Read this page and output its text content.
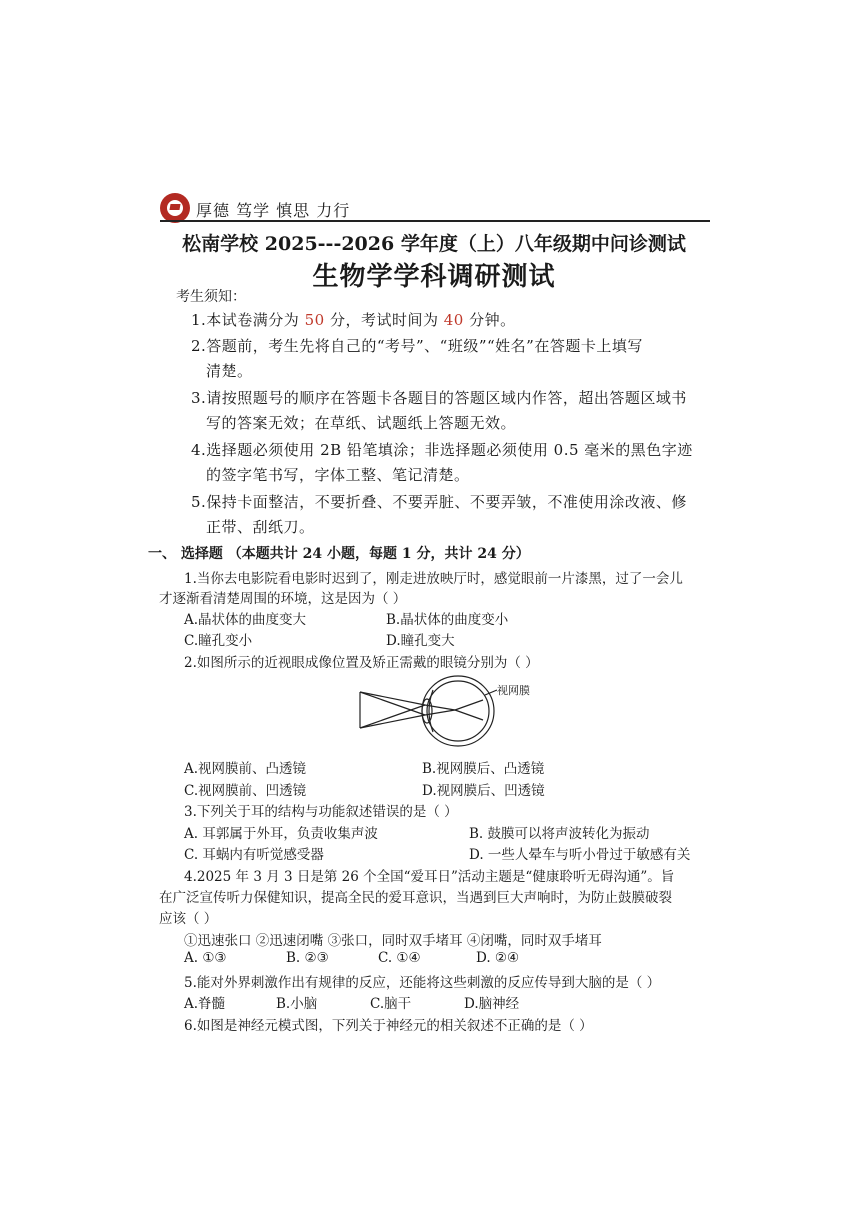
厚德 笃学 慎思 力行
松南学校 2025---2026 学年度（上）八年级期中问诊测试
生物学学科调研测试
考生须知：
1.本试卷满分为 50 分，考试时间为 40 分钟。
2.答题前，考生先将自己的“考号”、“班级”“姓名”在答题卡上填写
清楚。
3.请按照题号的顺序在答题卡各题目的答题区域内作答，超出答题区域书
写的答案无效；在草纸、试题纸上答题无效。
4.选择题必须使用 2B 铅笔填涂；非选择题必须使用 0.5 毫米的黑色字迹
的签字笔书写，字体工整、笔记清楚。
5.保持卡面整洁，不要折叠、不要弄脏、不要弄皱，不准使用涂改液、修
正带、刮纸刀。
一、 选择题 （本题共计 24 小题，每题 1 分，共计 24 分）
1.当你去电影院看电影时迟到了，刚走进放映厅时，感觉眼前一片漆黑，过了一会儿
才逐渐看清楚周围的环境，这是因为（ ）
A.晶状体的曲度变大	B.晶状体的曲度变小
C.瞳孔变小	D.瞳孔变大
2.如图所示的近视眼成像位置及矫正需戴的眼镜分别为（ ）
视网膜
A.视网膜前、凸透镜	B.视网膜后、凸透镜
C.视网膜前、凹透镜	D.视网膜后、凹透镜
3.下列关于耳的结构与功能叙述错误的是（ ）
A. 耳郭属于外耳，负责收集声波	B. 鼓膜可以将声波转化为振动
C. 耳蜗内有听觉感受器	D. 一些人晕车与听小骨过于敏感有关
4.2025 年 3 月 3 日是第 26 个全国“爱耳日”活动主题是“健康聆听无碍沟通”。旨
在广泛宣传听力保健知识，提高全民的爱耳意识，当遇到巨大声响时，为防止鼓膜破裂
应该（ ）
①迅速张口 ②迅速闭嘴 ③张口，同时双手堵耳 ④闭嘴，同时双手堵耳
A. ①③	B. ②③	C. ①④	D. ②④
5.能对外界刺激作出有规律的反应，还能将这些刺激的反应传导到大脑的是（ ）
A.脊髓	B.小脑	C.脑干	D.脑神经
6.如图是神经元模式图，下列关于神经元的相关叙述不正确的是（ ）
